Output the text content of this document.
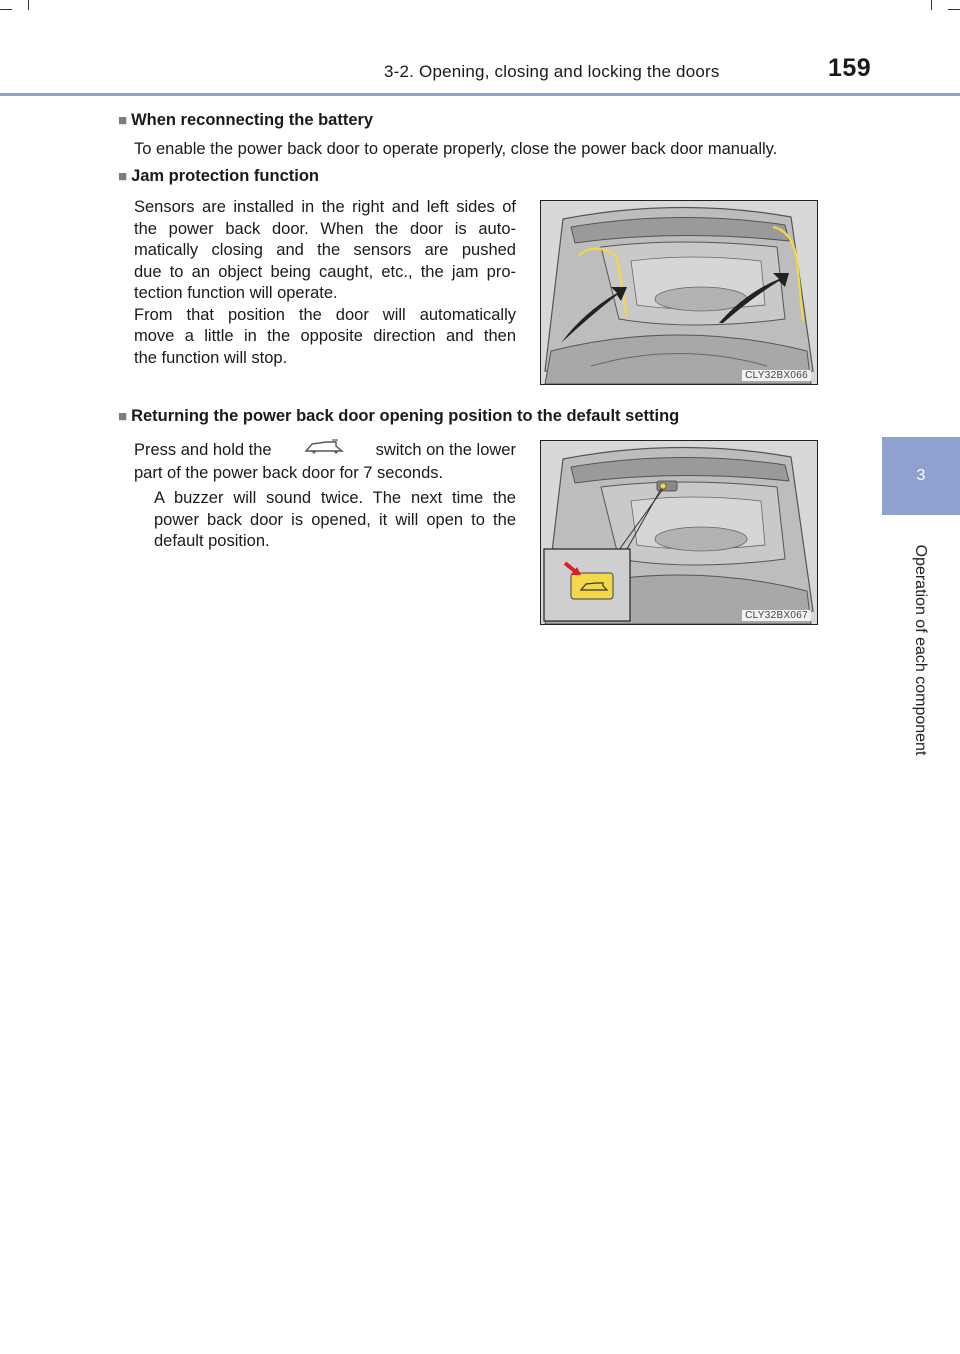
3-2. Opening, closing and locking the doors	159
3
Operation of each component
■ When reconnecting the battery
To enable the power back door to operate properly, close the power back door manually.
■ Jam protection function
Sensors are installed in the right and left sides of
the power back door. When the door is auto-
matically closing and the sensors are pushed
due to an object being caught, etc., the jam pro-
tection function will operate.
From that position the door will automatically
move a little in the opposite direction and then
the function will stop.
CLY32BX066
■ Returning the power back door opening position to the default setting
Press and hold the	switch on the lower
part of the power back door for 7 seconds.
A buzzer will sound twice. The next time the
power back door is opened, it will open to the
default position.
CLY32BX067
